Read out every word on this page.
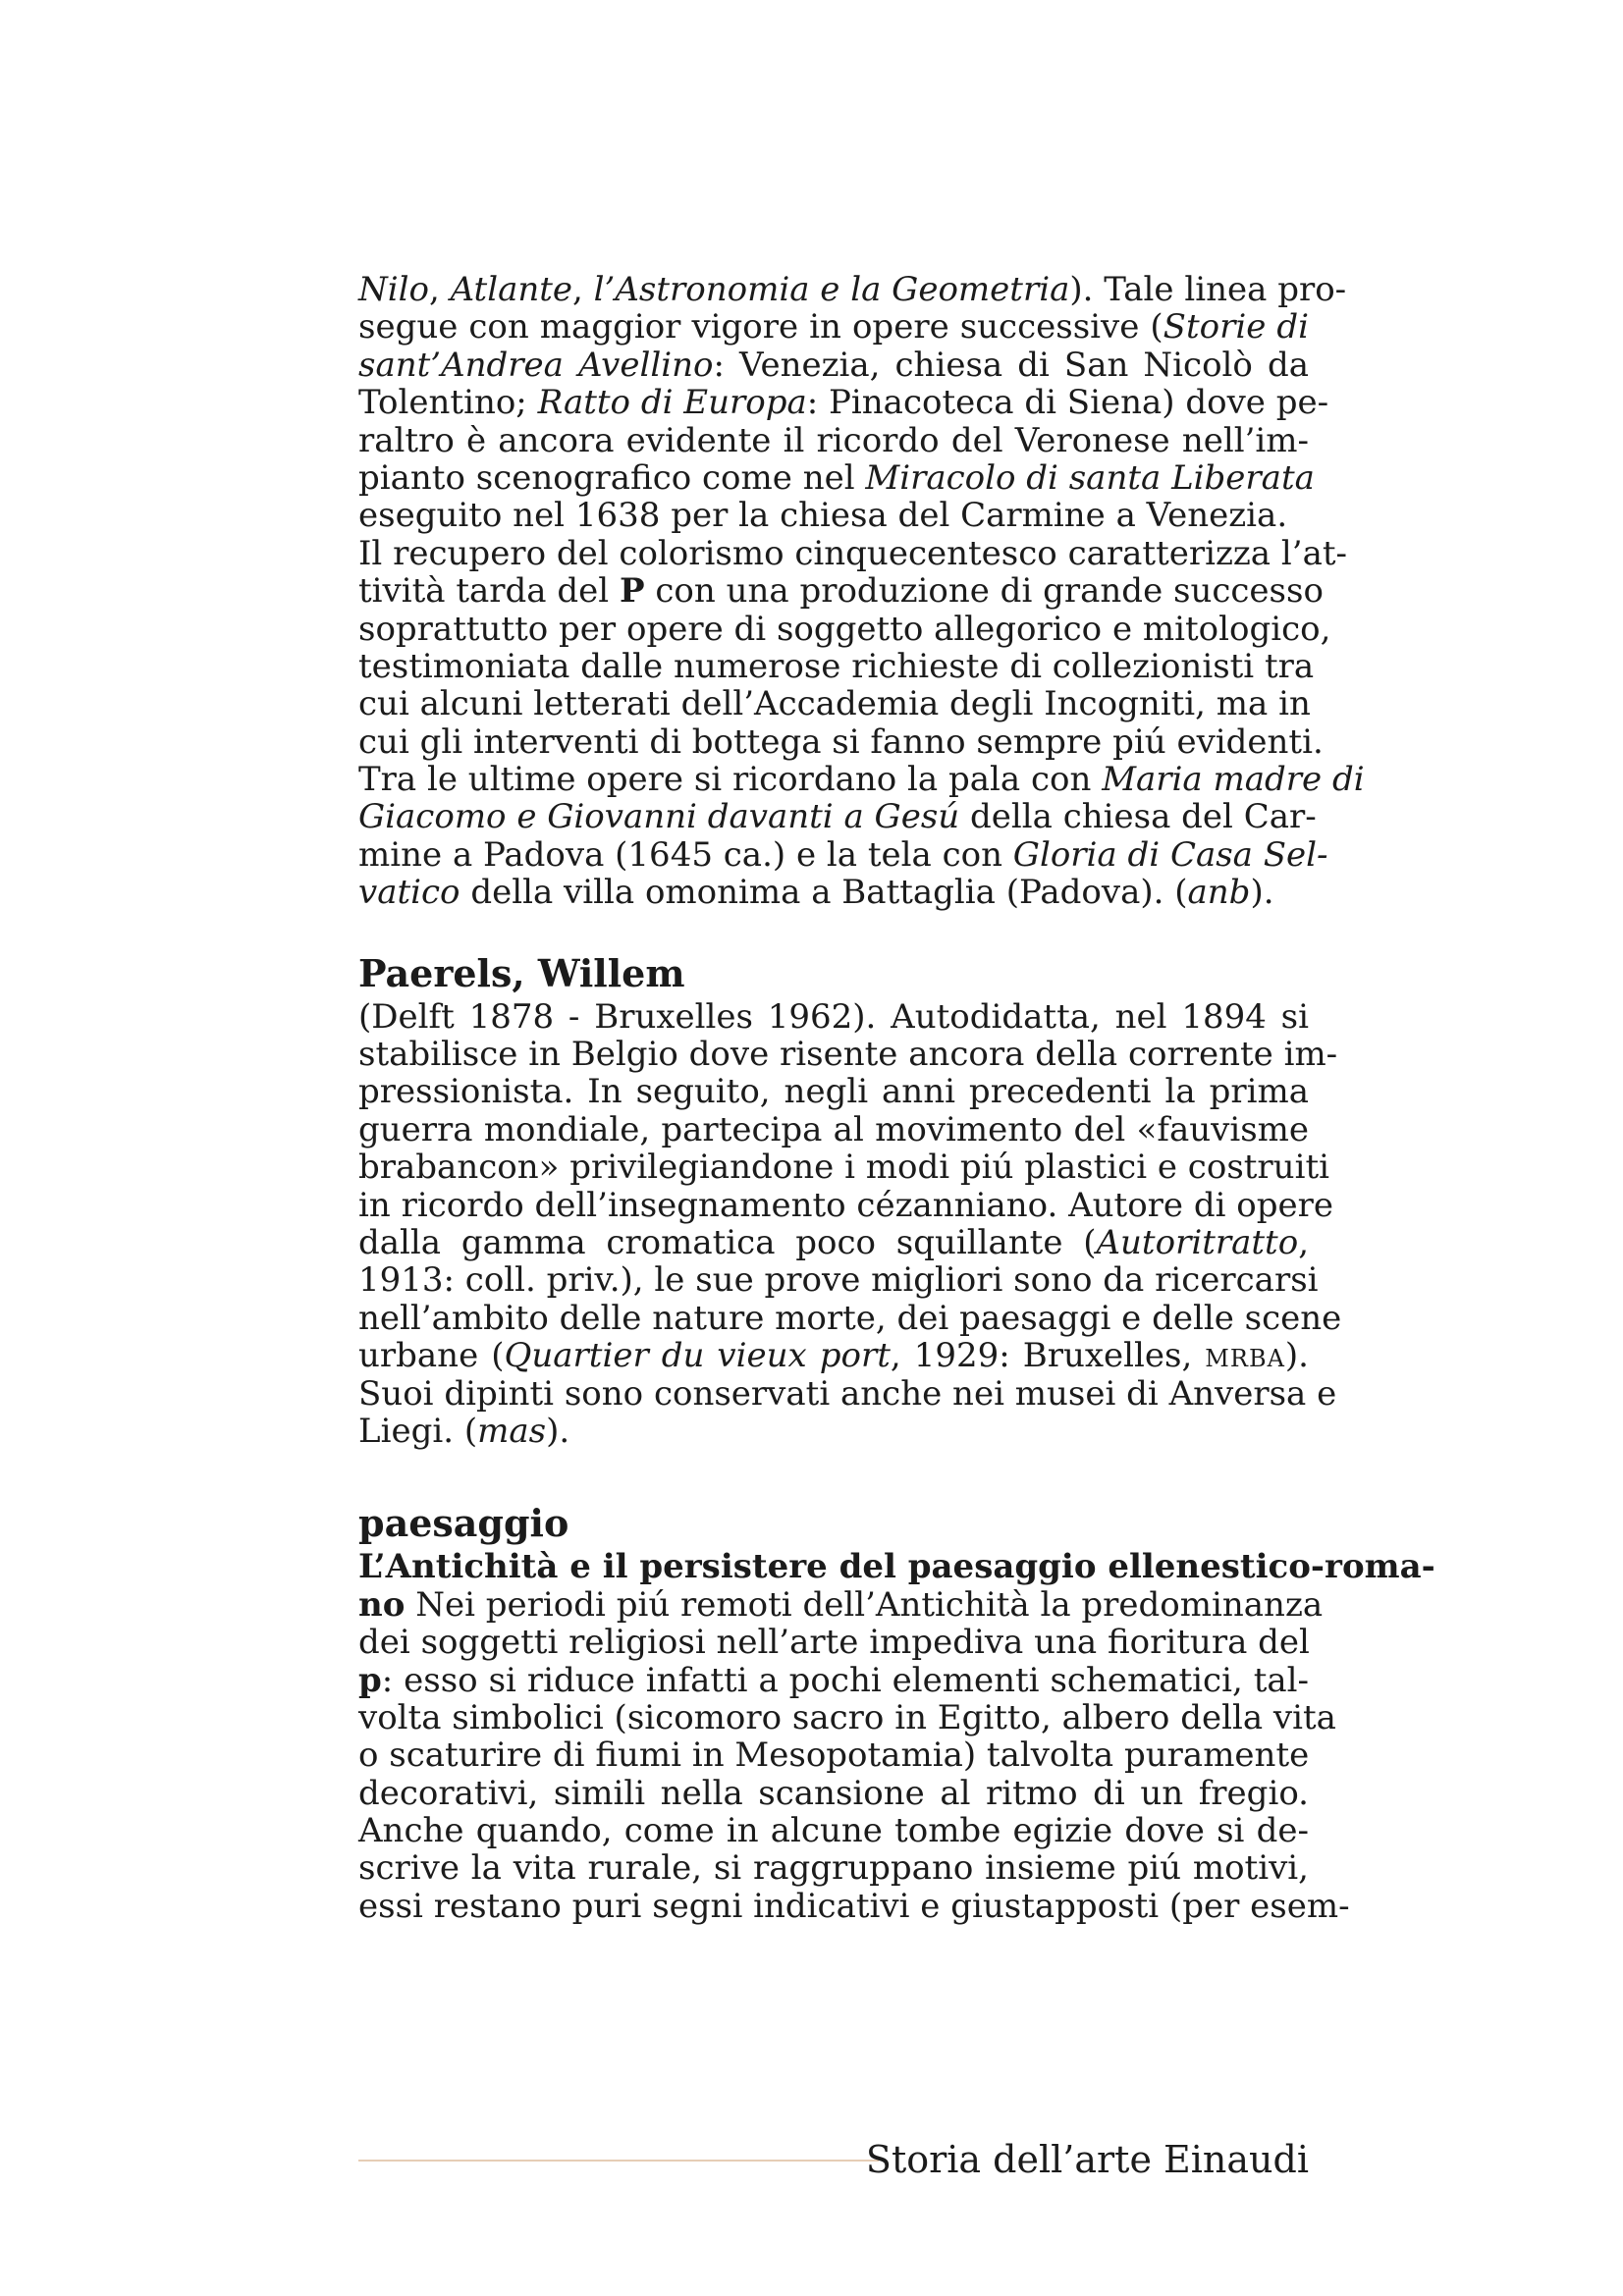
Nilo, Atlante, l’Astronomia e la Geometria). Tale linea pro-
segue con maggior vigore in opere successive (Storie di
sant’Andrea Avellino: Venezia, chiesa di San Nicolò da
Tolentino; Ratto di Europa: Pinacoteca di Siena) dove pe-
raltro è ancora evidente il ricordo del Veronese nell’im-
pianto scenografico come nel Miracolo di santa Liberata
eseguito nel 1638 per la chiesa del Carmine a Venezia.
Il recupero del colorismo cinquecentesco caratterizza l’at-
tività tarda del P con una produzione di grande successo
soprattutto per opere di soggetto allegorico e mitologico,
testimoniata dalle numerose richieste di collezionisti tra
cui alcuni letterati dell’Accademia degli Incogniti, ma in
cui gli interventi di bottega si fanno sempre piú evidenti.
Tra le ultime opere si ricordano la pala con Maria madre di
Giacomo e Giovanni davanti a Gesú della chiesa del Car-
mine a Padova (1645 ca.) e la tela con Gloria di Casa Sel-
vatico della villa omonima a Battaglia (Padova). (anb).
Paerels, Willem
(Delft 1878 - Bruxelles 1962). Autodidatta, nel 1894 si
stabilisce in Belgio dove risente ancora della corrente im-
pressionista. In seguito, negli anni precedenti la prima
guerra mondiale, partecipa al movimento del «fauvisme
brabancon» privilegiandone i modi piú plastici e costruiti
in ricordo dell’insegnamento cézanniano. Autore di opere
dalla gamma cromatica poco squillante (Autoritratto,
1913: coll. priv.), le sue prove migliori sono da ricercarsi
nell’ambito delle nature morte, dei paesaggi e delle scene
urbane (Quartier du vieux port, 1929: Bruxelles, MRBA).
Suoi dipinti sono conservati anche nei musei di Anversa e
Liegi. (mas).
paesaggio
L’Antichità e il persistere del paesaggio ellenestico-roma-
no Nei periodi piú remoti dell’Antichità la predominanza
dei soggetti religiosi nell’arte impediva una fioritura del
p: esso si riduce infatti a pochi elementi schematici, tal-
volta simbolici (sicomoro sacro in Egitto, albero della vita
o scaturire di fiumi in Mesopotamia) talvolta puramente
decorativi, simili nella scansione al ritmo di un fregio.
Anche quando, come in alcune tombe egizie dove si de-
scrive la vita rurale, si raggruppano insieme piú motivi,
essi restano puri segni indicativi e giustapposti (per esem-
Storia dell’arte Einaudi
